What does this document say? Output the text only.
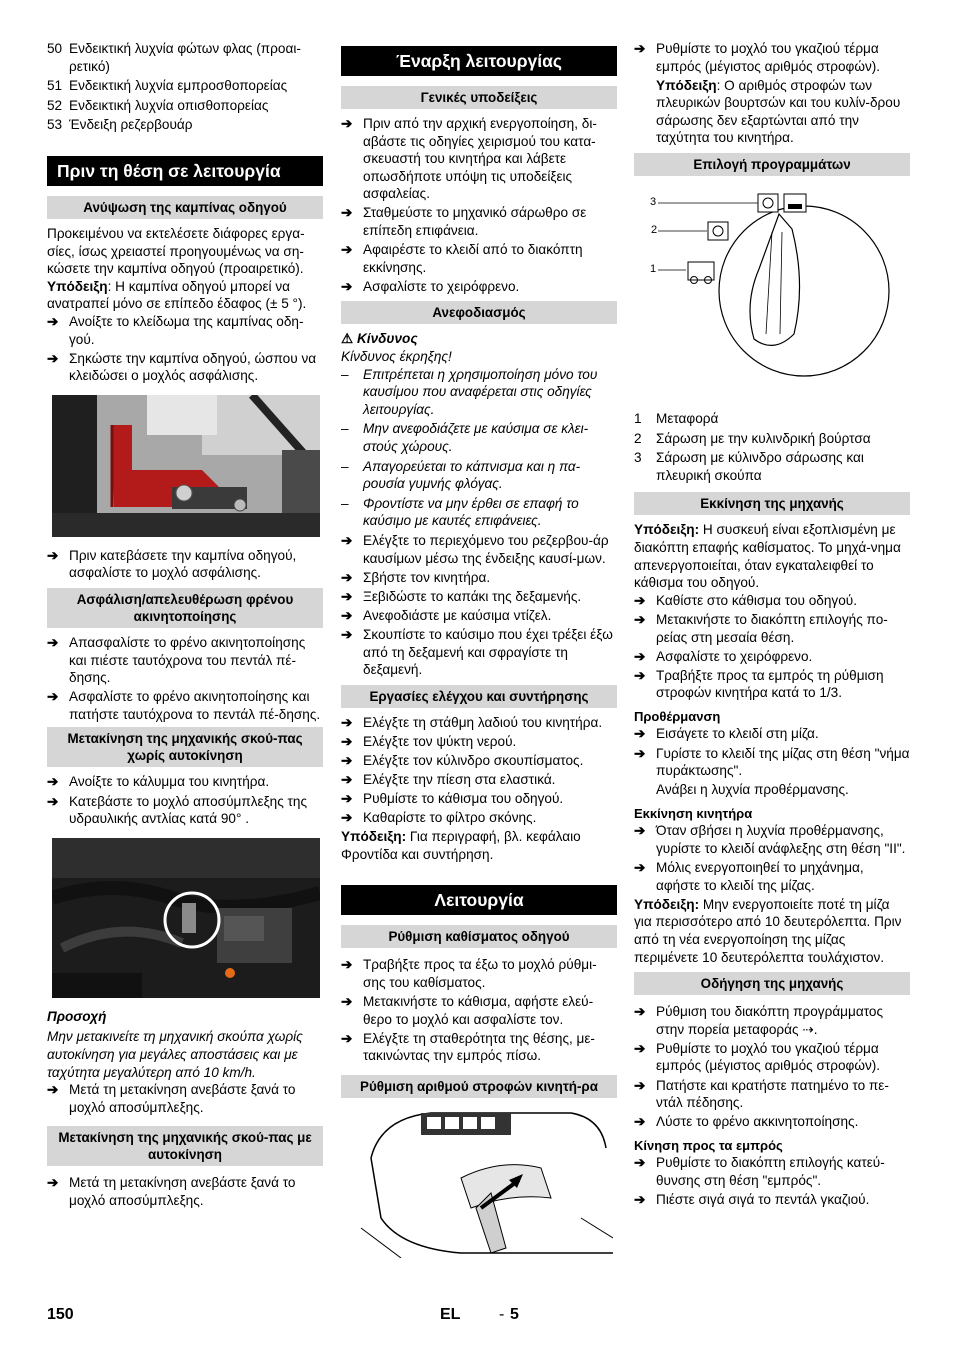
50 Ενδεικτική λυχνία φώτων φλας (προαι-
ρετικό)
51 Ενδεικτική λυχνία εμπροσθοπορείας
52 Ενδεικτική λυχνία οπισθοπορείας
53 Ένδειξη ρεζερβουάρ
Πριν τη θέση σε λειτουργία
Ανύψωση της καμπίνας οδηγού

Προκειμένου να εκτελέσετε διάφορες εργα-σίες, ίσως χρειαστεί προηγουμένως να ση-κώσετε την καμπίνα οδηγού (προαιρετικό).

Υπόδειξη: Η καμπίνα οδηγού μπορεί να ανατραπεί μόνο σε επίπεδο έδαφος (± 5 °).

➔ Ανοίξτε το κλείδωμα της καμπίνας οδη-γού.
➔ Σηκώστε την καμπίνα οδηγού, ώσπου να κλειδώσει ο μοχλός ασφάλισης.
➔ Πριν κατεβάσετε την καμπίνα οδηγού, ασφαλίστε το μοχλό ασφάλισης.
Ασφάλιση/απελευθέρωση φρένου ακινητοποίησης
➔ Απασφαλίστε το φρένο ακινητοποίησης και πιέστε ταυτόχρονα του πεντάλ πέ-δησης.
➔ Ασφαλίστε το φρένο ακινητοποίησης και πατήστε ταυτόχρονα το πεντάλ πέ-δησης.
Μετακίνηση της μηχανικής σκού-πας χωρίς αυτοκίνηση
➔ Ανοίξτε το κάλυμμα του κινητήρα.
➔ Κατεβάστε το μοχλό αποσύμπλεξης της υδραυλικής αντλίας κατά 90° .

Προσοχή

Μην μετακινείτε τη μηχανική σκούπα χωρίς αυτοκίνηση για μεγάλες αποστάσεις και με ταχύτητα μεγαλύτερη από 10 km/h.

➔ Μετά τη μετακίνηση ανεβάστε ξανά το μοχλό αποσύμπλεξης.
Μετακίνηση της μηχανικής σκού-πας με αυτοκίνηση
➔ Μετά τη μετακίνηση ανεβάστε ξανά το μοχλό αποσύμπλεξης.
Έναρξη λειτουργίας
Γενικές υποδείξεις
➔ Πριν από την αρχική ενεργοποίηση, δι-αβάστε τις οδηγίες χειρισμού του κατα-σκευαστή του κινητήρα και λάβετε οπωσδήποτε υπόψη τις υποδείξεις ασφαλείας.
➔ Σταθμεύστε το μηχανικό σάρωθρο σε επίπεδη επιφάνεια.
➔ Αφαιρέστε το κλειδί από το διακόπτη εκκίνησης.
➔ Ασφαλίστε το χειρόφρενο.
Ανεφοδιασμός

⚠ Κίνδυνος

Κίνδυνος έκρηξης!

– Επιτρέπεται η χρησιμοποίηση μόνο του καυσίμου που αναφέρεται στις οδηγίες λειτουργίας.
– Μην ανεφοδιάζετε με καύσιμα σε κλει-στούς χώρους.
– Απαγορεύεται το κάπνισμα και η πα-ρουσία γυμνής φλόγας.
– Φροντίστε να μην έρθει σε επαφή το καύσιμο με καυτές επιφάνειες.
➔ Ελέγξτε το περιεχόμενο του ρεζερβου-άρ καυσίμων μέσω της ένδειξης καυσί-μων.
➔ Σβήστε τον κινητήρα.
➔ Ξεβιδώστε το καπάκι της δεξαμενής.
➔ Ανεφοδιάστε με καύσιμα ντίζελ.
➔ Σκουπίστε το καύσιμο που έχει τρέξει έξω από τη δεξαμενή και σφραγίστε τη δεξαμενή.
Εργασίες ελέγχου και συντήρησης
➔ Ελέγξτε τη στάθμη λαδιού του κινητήρα.
➔ Ελέγξτε τον ψύκτη νερού.
➔ Ελέγξτε τον κύλινδρο σκουπίσματος.
➔ Ελέγξτε την πίεση στα ελαστικά.
➔ Ρυθμίστε το κάθισμα του οδηγού.
➔ Καθαρίστε το φίλτρο σκόνης.

Υπόδειξη: Για περιγραφή, βλ. κεφάλαιο Φροντίδα και συντήρηση.

Λειτουργία
Ρύθμιση καθίσματος οδηγού
➔ Τραβήξτε προς τα έξω το μοχλό ρύθμι-σης του καθίσματος.
➔ Μετακινήστε το κάθισμα, αφήστε ελεύ-θερο το μοχλό και ασφαλίστε τον.
➔ Ελέγξτε τη σταθερότητα της θέσης, με-τακινώντας την εμπρός πίσω.
Ρύθμιση αριθμού στροφών κινητή-ρα
➔ Ρυθμίστε το μοχλό του γκαζιού τέρμα εμπρός (μέγιστος αριθμός στροφών).

Υπόδειξη: Ο αριθμός στροφών των πλευρικών βουρτσών και του κυλίν-δρου σάρωσης δεν εξαρτώνται από την ταχύτητα του κινητήρα.

Επιλογή προγραμμάτων
3
2
1
1 Μεταφορά
2 Σάρωση με την κυλινδρική βούρτσα
3 Σάρωση με κύλινδρο σάρωσης και πλευρική σκούπα
Εκκίνηση της μηχανής

Υπόδειξη: Η συσκευή είναι εξοπλισμένη με διακόπτη επαφής καθίσματος. Το μηχά-νημα απενεργοποιείται, όταν εγκαταλειφθεί το κάθισμα του οδηγού.

➔ Καθίστε στο κάθισμα του οδηγού.
➔ Μετακινήστε το διακόπτη επιλογής πο-ρείας στη μεσαία θέση.
➔ Ασφαλίστε το χειρόφρενο.
➔ Τραβήξτε προς τα εμπρός τη ρύθμιση στροφών κινητήρα κατά το 1/3.

Προθέρμανση

➔ Εισάγετε το κλειδί στη μίζα.
➔ Γυρίστε το κλειδί της μίζας στη θέση "νήμα πυράκτωσης".

Ανάβει η λυχνία προθέρμανσης.

Εκκίνηση κινητήρα

➔ Όταν σβήσει η λυχνία προθέρμανσης, γυρίστε το κλειδί ανάφλεξης στη θέση "II".
➔ Μόλις ενεργοποιηθεί το μηχάνημα, αφήστε το κλειδί της μίζας.

Υπόδειξη: Μην ενεργοποιείτε ποτέ τη μίζα για περισσότερο από 10 δευτερόλεπτα. Πριν από τη νέα ενεργοποίηση της μίζας περιμένετε 10 δευτερόλεπτα τουλάχιστον.

Οδήγηση της μηχανής
➔ Ρύθμιση του διακόπτη προγράμματος στην πορεία μεταφοράς ⇢.
➔ Ρυθμίστε το μοχλό του γκαζιού τέρμα εμπρός (μέγιστος αριθμός στροφών).
➔ Πατήστε και κρατήστε πατημένο το πε-ντάλ πέδησης.
➔ Λύστε το φρένο ακκινητοποίησης.

Κίνηση προς τα εμπρός

➔ Ρυθμίστε το διακόπτη επιλογής κατεύ-θυνσης στη θέση "εμπρός".
➔ Πιέστε σιγά σιγά το πεντάλ γκαζιού.
150	EL - 5
